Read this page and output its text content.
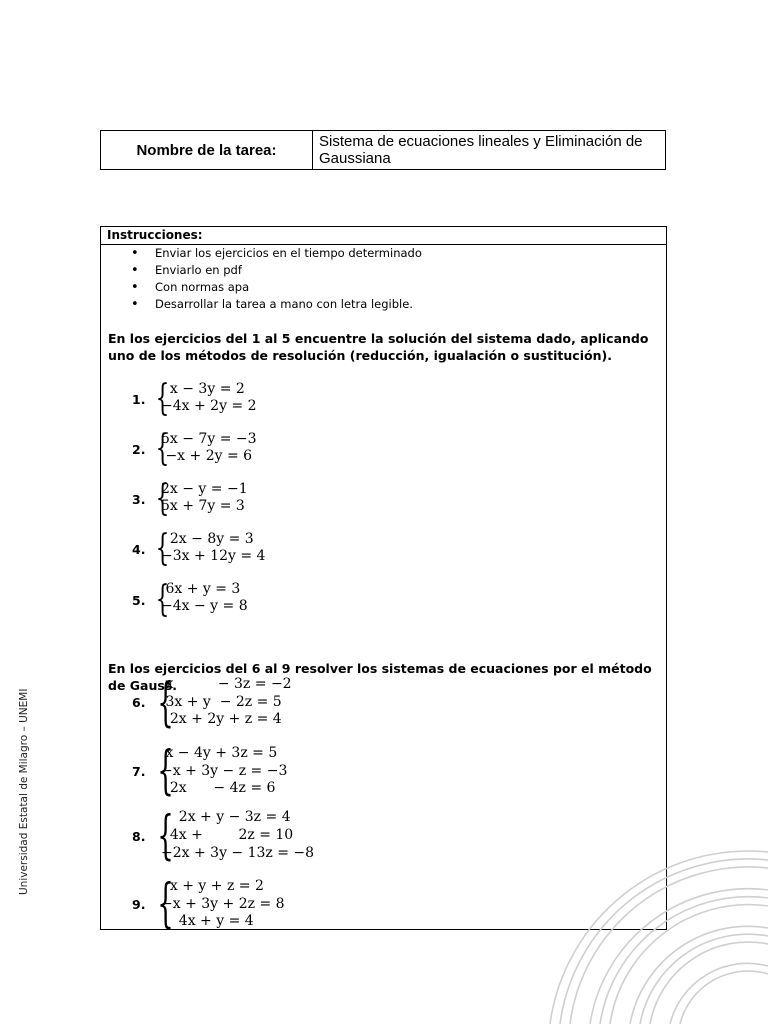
Nombre de la tarea:	Sistema de ecuaciones lineales y Eliminación de Gaussiana
Instrucciones:
• Enviar los ejercicios en el tiempo determinado
• Enviarlo en pdf
• Con normas apa
• Desarrollar la tarea a mano con letra legible.
En los ejercicios del 1 al 5 encuentre la solución del sistema dado, aplicando uno de los métodos de resolución (reducción, igualación o sustitución).
En los ejercicios del 6 al 9 resolver los sistemas de ecuaciones por el método de Gauss.
1. {
x − 3y = 2
−4x + 2y = 2
2. {
5x − 7y = −3
−x + 2y = 6
3. {
2x − y = −1
5x + 7y = 3
4. {
2x − 8y = 3
−3x + 12y = 4
5. {
6x + y = 3
−4x − y = 8
6. {
x          − 3z = −2
3x + y  − 2z = 5
2x + 2y + z = 4
7. {
x − 4y + 3z = 5
−x + 3y − z = −3
2x      − 4z = 6
8. {
2x + y − 3z = 4
4x +        2z = 10
−2x + 3y − 13z = −8
9. {
x + y + z = 2
−x + 3y + 2z = 8
4x + y = 4
Universidad Estatal de Milagro – UNEMI
